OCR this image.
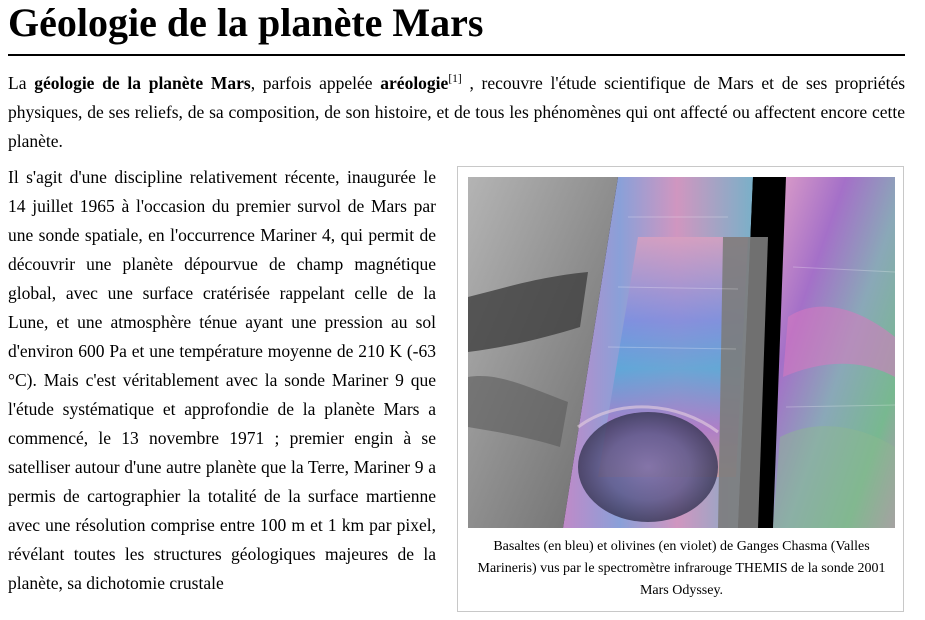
Géologie de la planète Mars

La géologie de la planète Mars, parfois appelée aréologie[1] , recouvre l'étude scientifique de Mars et de ses propriétés physiques, de ses reliefs, de sa composition, de son histoire, et de tous les phénomènes qui ont affecté ou affectent encore cette planète.

Il s'agit d'une discipline relativement récente, inaugurée le 14 juillet 1965 à l'occasion du premier survol de Mars par une sonde spatiale, en l'occurrence Mariner 4, qui permit de découvrir une planète dépourvue de champ magnétique global, avec une surface cratérisée rappelant celle de la Lune, et une atmosphère ténue ayant une pression au sol d'environ 600 Pa et une température moyenne de 210 K (-63 °C). Mais c'est véritablement avec la sonde Mariner 9 que l'étude systématique et approfondie de la planète Mars a commencé, le 13 novembre 1971 ; premier engin à se satelliser autour d'une autre planète que la Terre, Mariner 9 a permis de cartographier la totalité de la surface martienne avec une résolution comprise entre 100 m et 1 km par pixel, révélant toutes les structures géologiques majeures de la planète, sa dichotomie crustale

Basaltes (en bleu) et olivines (en violet) de Ganges Chasma (Valles Marineris) vus par le spectromètre infrarouge THEMIS de la sonde 2001 Mars Odyssey.
